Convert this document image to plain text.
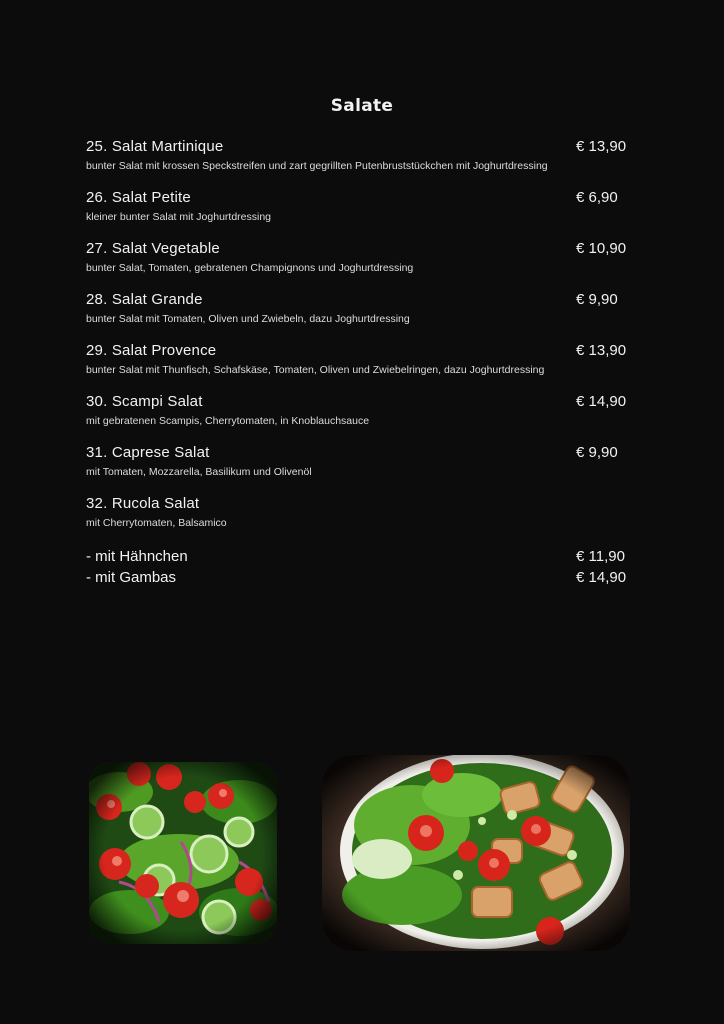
Salate
25. Salat Martinique	€ 13,90
bunter Salat mit krossen Speckstreifen und zart gegrillten Putenbruststückchen mit Joghurtdressing
26. Salat Petite	€ 6,90
kleiner bunter Salat mit Joghurtdressing
27. Salat Vegetable	€ 10,90
bunter Salat, Tomaten, gebratenen Champignons und Joghurtdressing
28. Salat Grande	€ 9,90
bunter Salat mit Tomaten, Oliven und Zwiebeln, dazu Joghurtdressing
29. Salat Provence	€ 13,90
bunter Salat mit Thunfisch, Schafskäse, Tomaten, Oliven und Zwiebelringen, dazu Joghurtdressing
30. Scampi Salat	€ 14,90
mit gebratenen Scampis, Cherrytomaten, in Knoblauchsauce
31. Caprese Salat	€ 9,90
mit Tomaten, Mozzarella, Basilikum und Olivenöl
32. Rucola Salat
mit Cherrytomaten, Balsamico
- mit Hähnchen	€ 11,90
- mit Gambas	€ 14,90
